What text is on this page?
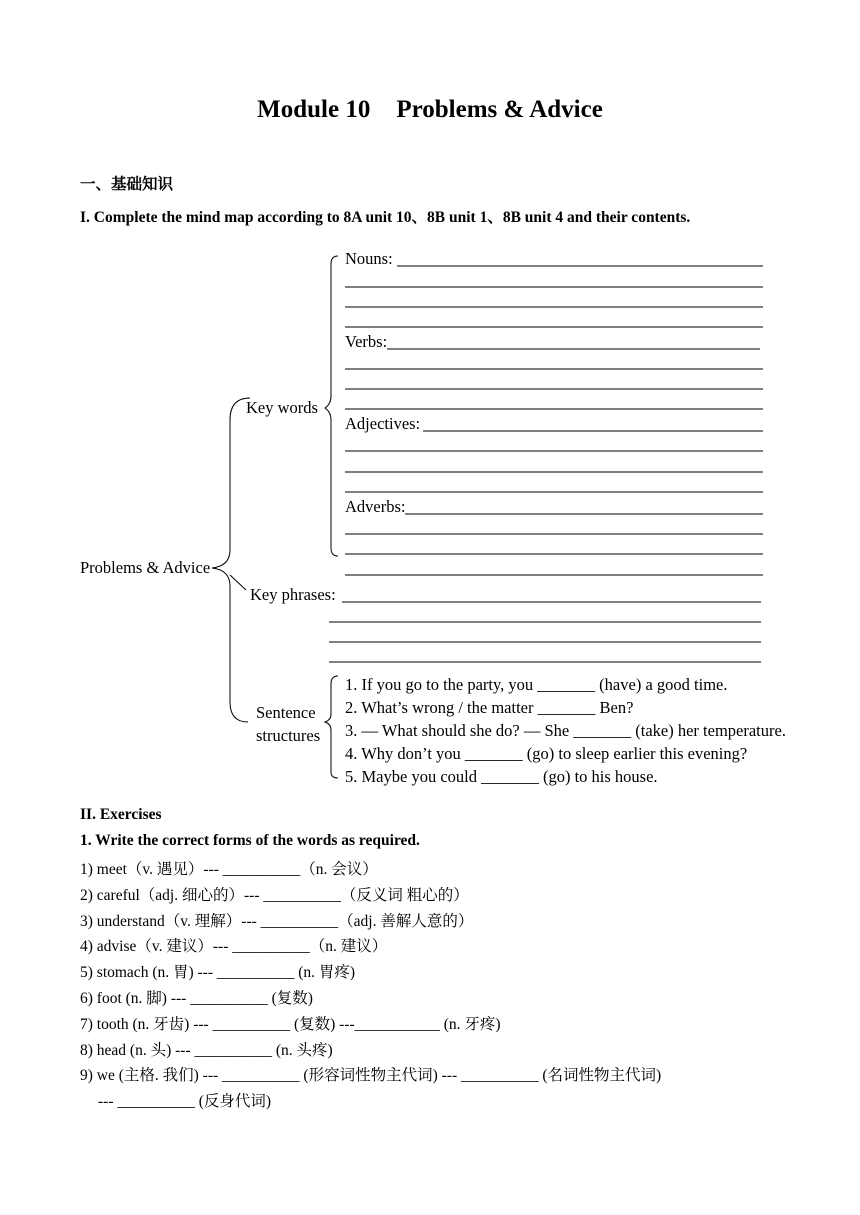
Module 10 Problems & Advice
一、基础知识
I. Complete the mind map according to 8A unit 10、8B unit 1、8B unit 4 and their contents.
Problems & Advice
Key words
Nouns:
Verbs:
Adjectives:
Adverbs:
Key phrases:
Sentence
structures
1. If you go to the party, you _______ (have) a good time.
2. What’s wrong / the matter _______ Ben?
3. — What should she do? — She _______ (take) her temperature.
4. Why don’t you _______ (go) to sleep earlier this evening?
5. Maybe you could _______ (go) to his house.
II. Exercises
1. Write the correct forms of the words as required.
1) meet（v. 遇见）--- __________（n. 会议）
2) careful（adj. 细心的）--- __________（反义词 粗心的）
3) understand（v. 理解）--- __________（adj. 善解人意的）
4) advise（v. 建议）--- __________（n. 建议）
5) stomach (n. 胃) --- __________ (n. 胃疼)
6) foot (n. 脚) --- __________ (复数)
7) tooth (n. 牙齿) --- __________ (复数) ---___________ (n. 牙疼)
8) head (n. 头) --- __________ (n. 头疼)
9) we (主格. 我们) --- __________ (形容词性物主代词) --- __________ (名词性物主代词)
--- __________ (反身代词)
